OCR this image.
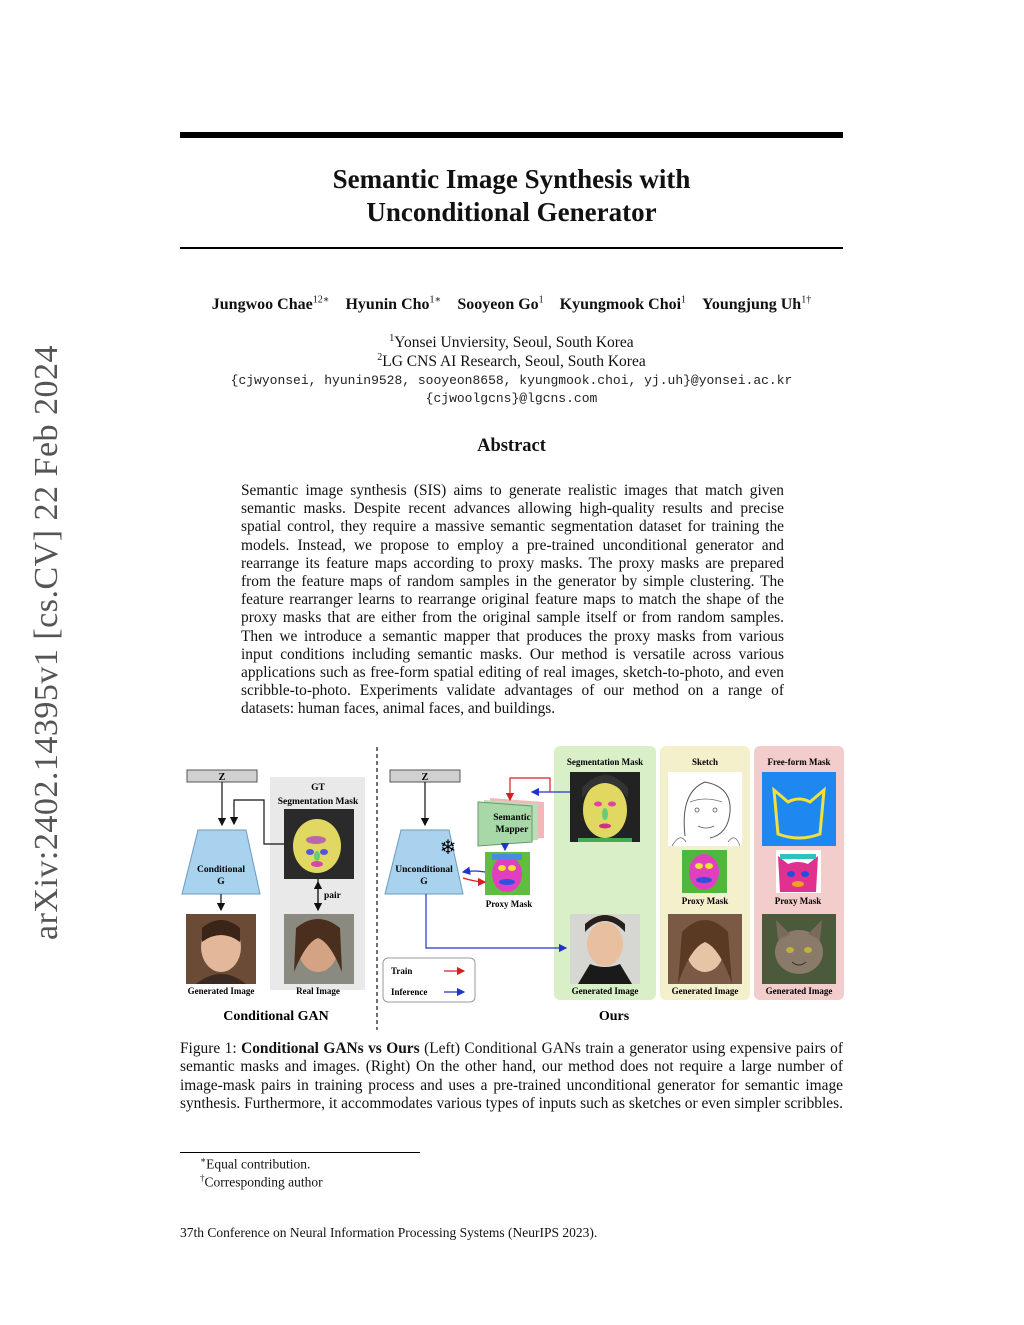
arXiv:2402.14395v1 [cs.CV] 22 Feb 2024
Semantic Image Synthesis with
Unconditional Generator
Jungwoo Chae$^{12∗}$ Hyunin Cho$^{1∗}$ Sooyeon Go$^1$ Kyungmook Choi$^1$ Youngjung $Uh^{1\dagger}$
$^1$Yonsei Unviersity, Seoul, South Korea
$^2$LG CNS AI Research, Seoul, South Korea
{cjwyonsei, hyunin9528, sooyeon8658, kyungmook.choi, yj.uh}@yonsei.ac.kr
{cjwoolgcns}@lgcns.com
Abstract
Semantic image synthesis (SIS) aims to generate realistic images that match given semantic masks. Despite recent advances allowing high-quality results and precise spatial control, they require a massive semantic segmentation dataset for training the models. Instead, we propose to employ a pre-trained unconditional generator and rearrange its feature maps according to proxy masks. The proxy masks are prepared from the feature maps of random samples in the generator by simple clustering. The feature rearranger learns to rearrange original feature maps to match the shape of the proxy masks that are either from the original sample itself or from random samples. Then we introduce a semantic mapper that produces the proxy masks from various input conditions including semantic masks. Our method is versatile across various applications such as free-form spatial editing of real images, sketch-to-photo, and even scribble-to-photo. Experiments validate advantages of our method on a range of datasets: human faces, animal faces, and buildings.
Z
Conditional
G
GT
Segmentation Mask
pair
Generated Image	Real Image
Conditional GAN
Segmentation Mask	Sketch	Free-form Mask
Z
Unconditional
G
❄
Semantic
Mapper
Proxy Mask
Generated Image
Proxy Mask
Generated Image
Proxy Mask
Generated Image
Train
Inference
Ours
Figure 1: Conditional GANs vs Ours (Left) Conditional GANs train a generator using expensive pairs of semantic masks and images. (Right) On the other hand, our method does not require a large number of image-mask pairs in training process and uses a pre-trained unconditional generator for semantic image synthesis. Furthermore, it accommodates various types of inputs such as sketches or even simpler scribbles.
∗Equal contribution.
†Corresponding author
37th Conference on Neural Information Processing Systems (NeurIPS 2023).
